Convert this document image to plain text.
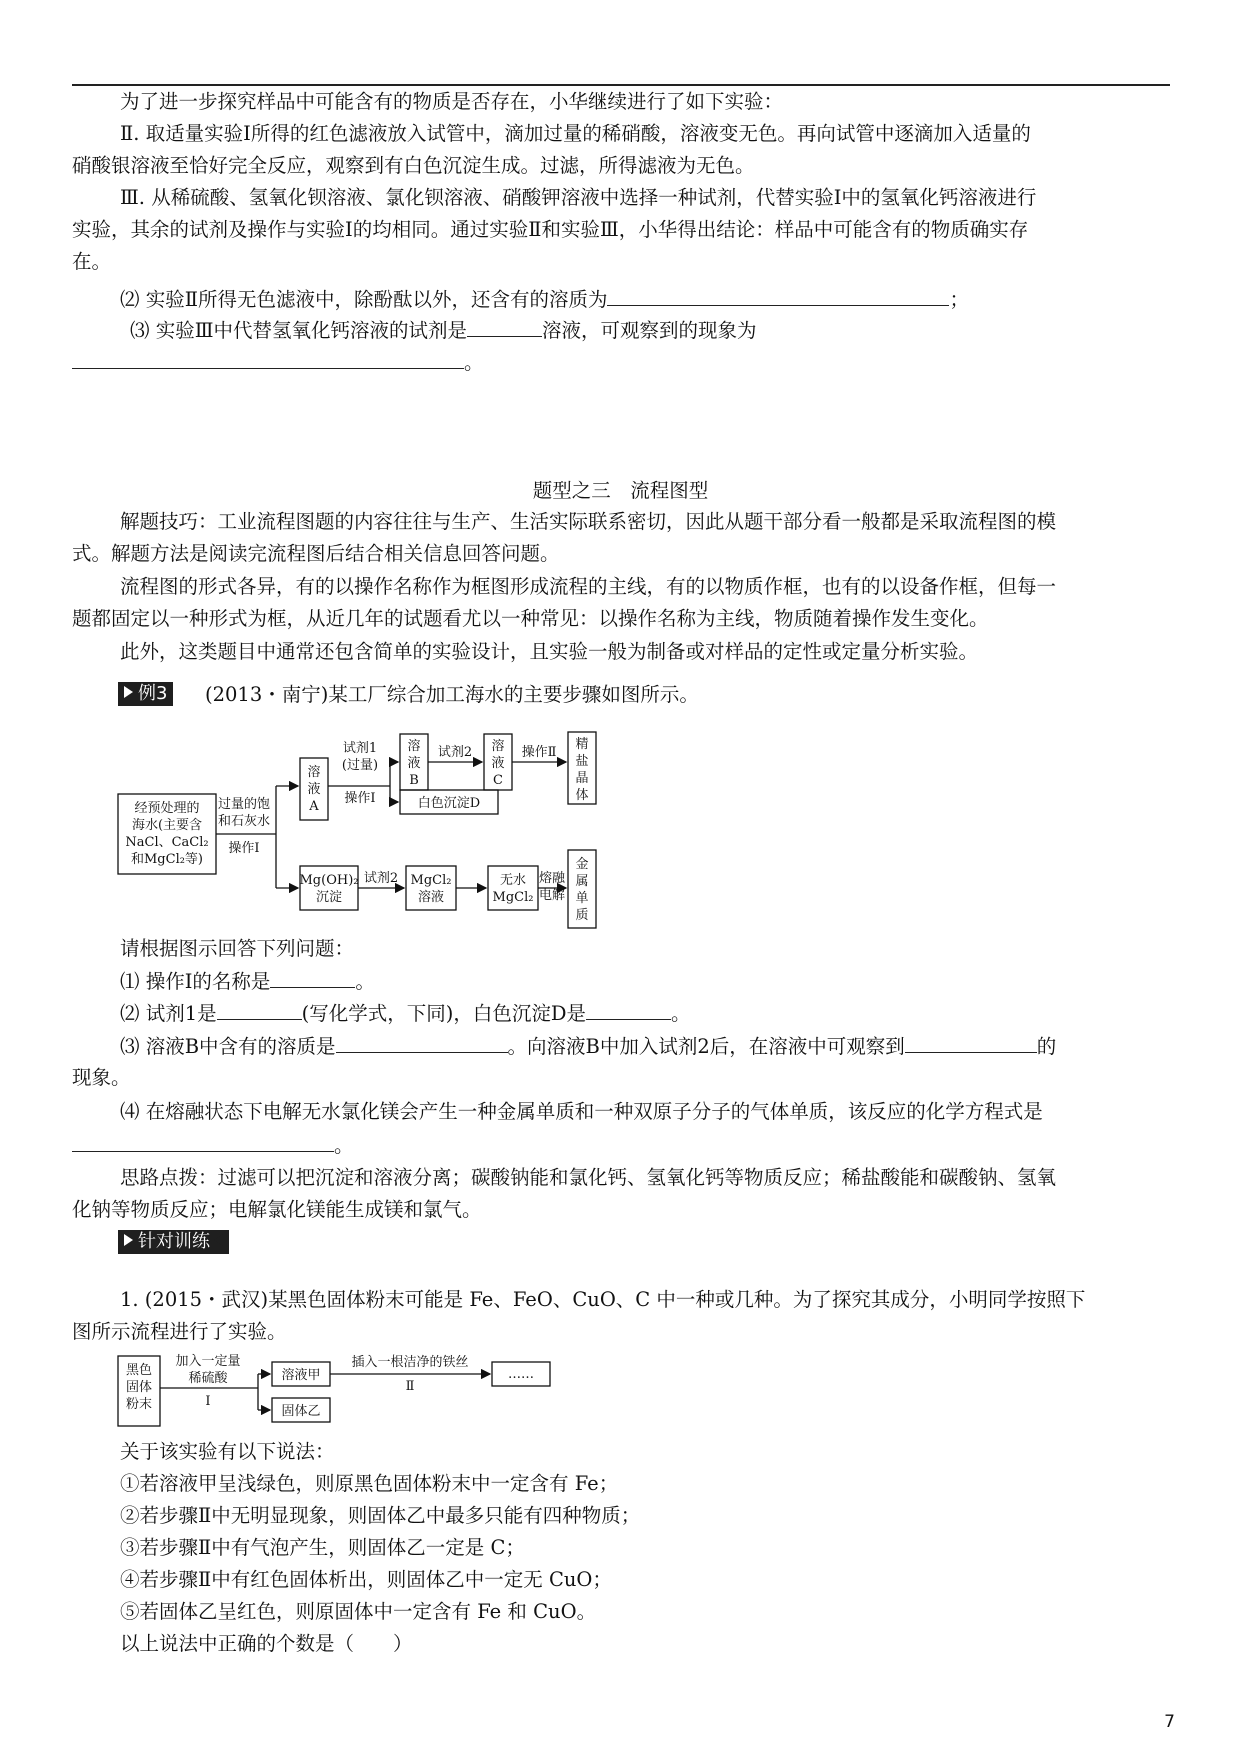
为了进一步探究样品中可能含有的物质是否存在，小华继续进行了如下实验：
Ⅱ. 取适量实验Ⅰ所得的红色滤液放入试管中，滴加过量的稀硝酸，溶液变无色。再向试管中逐滴加入适量的
硝酸银溶液至恰好完全反应，观察到有白色沉淀生成。过滤，所得滤液为无色。
Ⅲ. 从稀硫酸、氢氧化钡溶液、氯化钡溶液、硝酸钾溶液中选择一种试剂，代替实验Ⅰ中的氢氧化钙溶液进行
实验，其余的试剂及操作与实验Ⅰ的均相同。通过实验Ⅱ和实验Ⅲ，小华得出结论：样品中可能含有的物质确实存
在。
⑵ 实验Ⅱ所得无色滤液中，除酚酞以外，还含有的溶质为	；
⑶ 实验Ⅲ中代替氢氧化钙溶液的试剂是	溶液，可观察到的现象为
。
题型之三　流程图型
解题技巧：工业流程图题的内容往往与生产、生活实际联系密切，因此从题干部分看一般都是采取流程图的模
式。解题方法是阅读完流程图后结合相关信息回答问题。
流程图的形式各异，有的以操作名称作为框图形成流程的主线，有的以物质作框，也有的以设备作框，但每一
题都固定以一种形式为框，从近几年的试题看尤以一种常见：以操作名称为主线，物质随着操作发生变化。
此外，这类题目中通常还包含简单的实验设计，且实验一般为制备或对样品的定性或定量分析实验。
例3	(2013・南宁)某工厂综合加工海水的主要步骤如图所示。
经预处理的海水(主要含 NaCl、CaCl₂ 和MgCl₂等)
过量的饱和石灰水
操作Ⅰ
溶液 A
试剂1 (过量)
操作Ⅰ
溶液 B
试剂2 溶液 C
操作Ⅱ
精盐晶体
白色沉淀D
Mg(OH)₂ 沉淀
试剂2 MgCl₂ 溶液
无水 MgCl₂
熔融电解
金属单质
请根据图示回答下列问题：
⑴ 操作Ⅰ的名称是	。
⑵ 试剂1是	(写化学式，下同)，白色沉淀D是	。
⑶ 溶液B中含有的溶质是	。向溶液B中加入试剂2后，在溶液中可观察到	的
现象。
⑷ 在熔融状态下电解无水氯化镁会产生一种金属单质和一种双原子分子的气体单质，该反应的化学方程式是
。
思路点拨：过滤可以把沉淀和溶液分离；碳酸钠能和氯化钙、氢氧化钙等物质反应；稀盐酸能和碳酸钠、氢氧
化钠等物质反应；电解氯化镁能生成镁和氯气。
针对训练
1. (2015・武汉)某黑色固体粉末可能是 Fe、FeO、CuO、C 中一种或几种。为了探究其成分，小明同学按照下
图所示流程进行了实验。
黑色固体粉末
加入一定量稀硫酸
Ⅰ
溶液甲
固体乙
插入一根洁净的铁丝
Ⅱ
……
关于该实验有以下说法：
①若溶液甲呈浅绿色，则原黑色固体粉末中一定含有 Fe；
②若步骤Ⅱ中无明显现象，则固体乙中最多只能有四种物质；
③若步骤Ⅱ中有气泡产生，则固体乙一定是 C；
④若步骤Ⅱ中有红色固体析出，则固体乙中一定无 CuO；
⑤若固体乙呈红色，则原固体中一定含有 Fe 和 CuO。
以上说法中正确的个数是（　　）
7
